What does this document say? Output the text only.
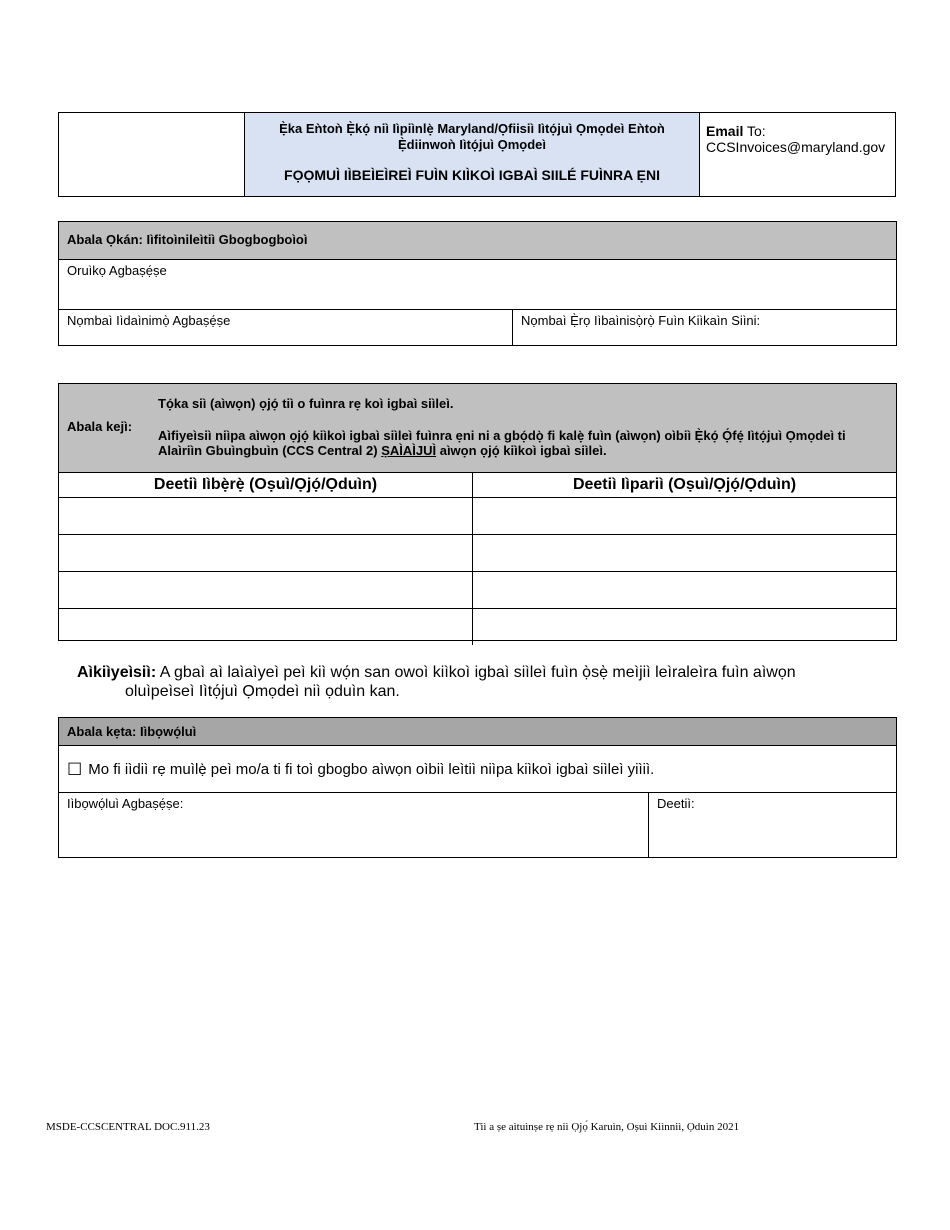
Ẹ̀ka Eǹtoǹ Ẹ̀kọ́ niì Iìpiìnlẹ̀ Maryland/Ọfiisiì Iìtọ́juì Ọmọdeì Eǹtoǹ Ẹ̀diinwoǹ Iìtọ́juì Ọmọdeì
FỌỌMUÌ IÌBEÌEÌREÌ FUÌN KIÌKOÌ IGBAÌ SIILÉ FUÌNRA ẸNI
Email To:
CCSInvoices@maryland.gov
Abala Ọkán: Iìfitoìnileìtiì Gbogbogboìoì
Oruìkọ Agbaṣẹ́ṣe
Nọmbaì Iìdaìnimọ̀ Agbaṣẹ́ṣe	Nọmbaì Ẹ̀rọ Iìbaìnisọ̀rọ̀ Fuìn Kiìkaìn Siìni:
Abala kejì:
Tọ́ka siì (aìwọn) ọjọ́ tiì o fuìnra rẹ koì igbaì siìleì.
Aìfiyeìsiì niìpa aìwọn ọjọ́ kiìkoì igbaì siìleì fuìnra ẹni ni a gbọ́dọ̀ fi kalẹ̀ fuìn (aìwọn) oìbiì Ẹ̀kọ́ Ọ́fẹ́ Iìtọ́juì Ọmọdeì ti Alaìriìn Gbuìngbuìn (CCS Central 2) ṢAÌAÌJUÌ aìwọn ọjọ́ kiìkoì igbaì siìleì.
Deetiì Iìbẹ̀rẹ̀ (Oṣuì/Ọjọ́/Ọduìn)	Deetiì Iìpariì (Oṣuì/Ọjọ́/Ọduìn)
Aìkiìyeìsiì: A gbaì aì laìaìyeì peì kiì wọ́n san owoì kiìkoì igbaì siìleì fuìn ọ̀sẹ̀ meìjiì leìraleìra fuìn aìwọn
oluìpeìseì Iìtọ́juì Ọmọdeì niì ọduìn kan.
Abala kẹta: Iìbọwọ́luì
☐ Mo fi iìdiì rẹ muìlẹ̀ peì mo/a ti fi toì gbogbo aìwọn oìbiì leìtiì niìpa kiìkoì igbaì siìleì yiìiì.
Iìbọwọ́luì Agbaṣẹ́ṣe:	Deetiì:
MSDE-CCSCENTRAL DOC.911.23	Tiì a ṣe aìtuìnṣe rẹ niì Ọjọ́ Karuìn, Oṣuì Kiìnniì, Ọduìn 2021
